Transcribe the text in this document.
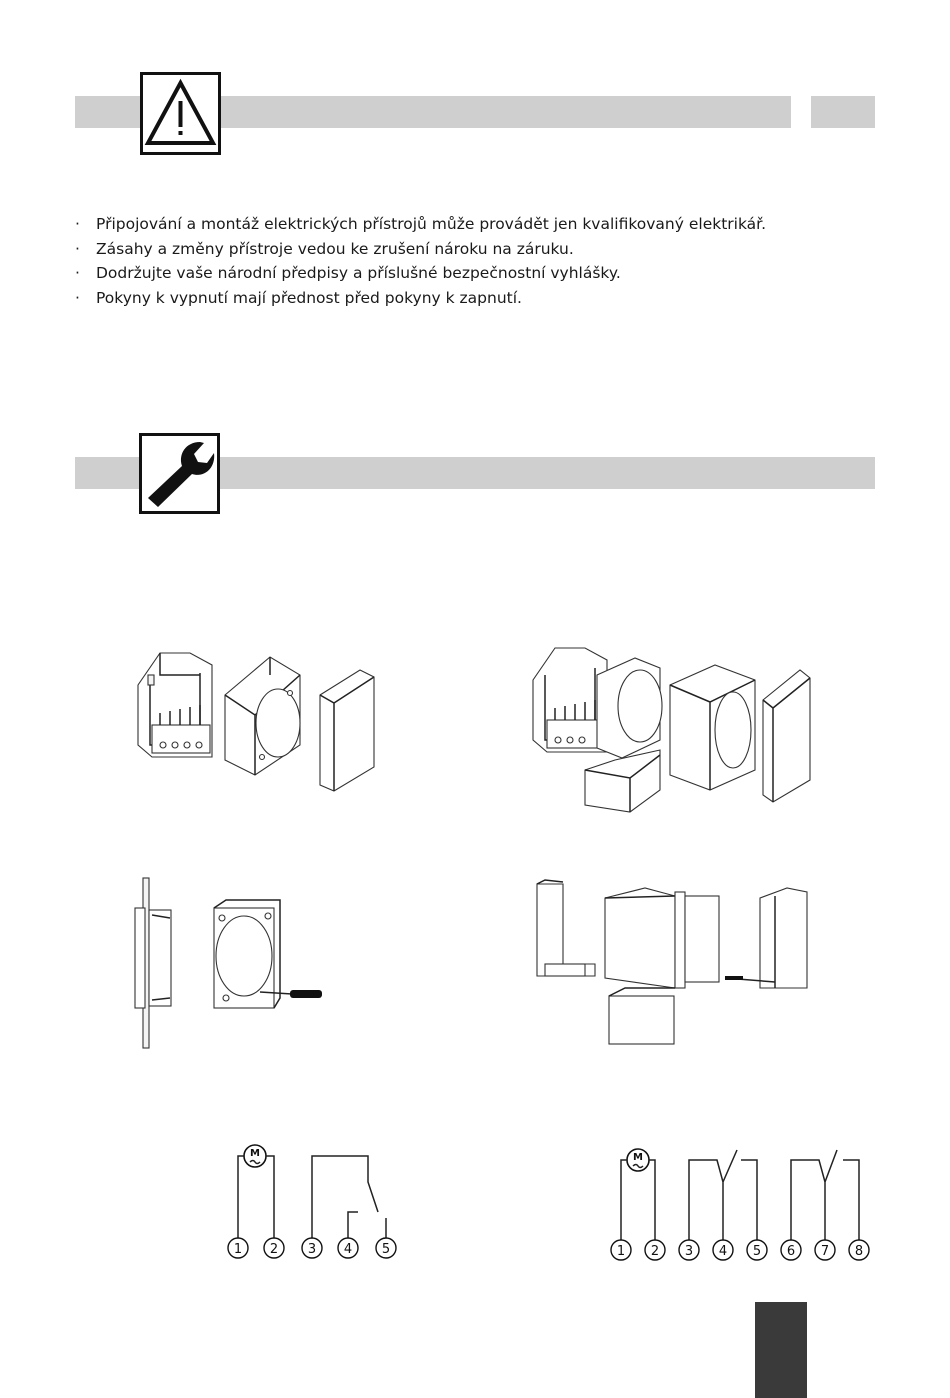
· Připojování a montáž elektrických přístrojů může provádět jen kvalifikovaný elektrikář.
· Zásahy a změny přístroje vedou ke zrušení nároku na záruku.
· Dodržujte vaše národní předpisy a příslušné bezpečnostní vyhlášky.
· Pokyny k vypnutí mají přednost před pokyny k zapnutí.
M
1 2 3 4 5
M
1 2 3 4 5 6 7 8
